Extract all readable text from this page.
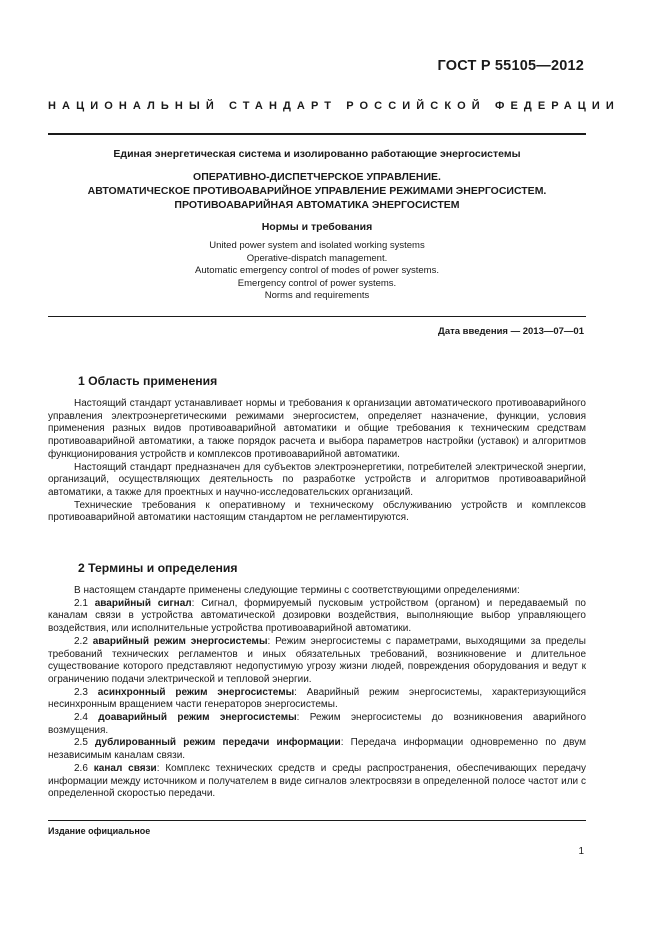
ГОСТ Р 55105—2012
НАЦИОНАЛЬНЫЙ СТАНДАРТ РОССИЙСКОЙ ФЕДЕРАЦИИ
Единая энергетическая система и изолированно работающие энергосистемы
ОПЕРАТИВНО-ДИСПЕТЧЕРСКОЕ УПРАВЛЕНИЕ.
АВТОМАТИЧЕСКОЕ ПРОТИВОАВАРИЙНОЕ УПРАВЛЕНИЕ РЕЖИМАМИ ЭНЕРГОСИСТЕМ.
ПРОТИВОАВАРИЙНАЯ АВТОМАТИКА ЭНЕРГОСИСТЕМ
Нормы и требования
United power system and isolated working systems
Operative-dispatch management.
Automatic emergency control of modes of power systems.
Emergency control of power systems.
Norms and requirements
Дата введения — 2013—07—01
1 Область применения

Настоящий стандарт устанавливает нормы и требования к организации автоматического противоаварийного управления электроэнергетическими режимами энергосистем, определяет назначение, функции, условия применения разных видов противоаварийной автоматики и общие требования к техническим средствам противоаварийной автоматики, а также порядок расчета и выбора параметров настройки (уставок) и алгоритмов функционирования устройств и комплексов противоаварийной автоматики.

Настоящий стандарт предназначен для субъектов электроэнергетики, потребителей электрической энергии, организаций, осуществляющих деятельность по разработке устройств и алгоритмов противоаварийной автоматики, а также для проектных и научно-исследовательских организаций.

Технические требования к оперативному и техническому обслуживанию устройств и комплексов противоаварийной автоматики настоящим стандартом не регламентируются.

2 Термины и определения

В настоящем стандарте применены следующие термины с соответствующими определениями:

2.1 аварийный сигнал: Сигнал, формируемый пусковым устройством (органом) и передаваемый по каналам связи в устройства автоматической дозировки воздействия, выполняющие выбор управляющего воздействия, или исполнительные устройства противоаварийной автоматики.

2.2 аварийный режим энергосистемы: Режим энергосистемы с параметрами, выходящими за пределы требований технических регламентов и иных обязательных требований, возникновение и длительное существование которого представляют недопустимую угрозу жизни людей, повреждения оборудования и ведут к ограничению подачи электрической и тепловой энергии.

2.3 асинхронный режим энергосистемы: Аварийный режим энергосистемы, характеризующийся несинхронным вращением части генераторов энергосистемы.

2.4 доаварийный режим энергосистемы: Режим энергосистемы до возникновения аварийного возмущения.

2.5 дублированный режим передачи информации: Передача информации одновременно по двум независимым каналам связи.

2.6 канал связи: Комплекс технических средств и среды распространения, обеспечивающих передачу информации между источником и получателем в виде сигналов электросвязи в определенной полосе частот или с определенной скоростью передачи.

Издание официальное
1
